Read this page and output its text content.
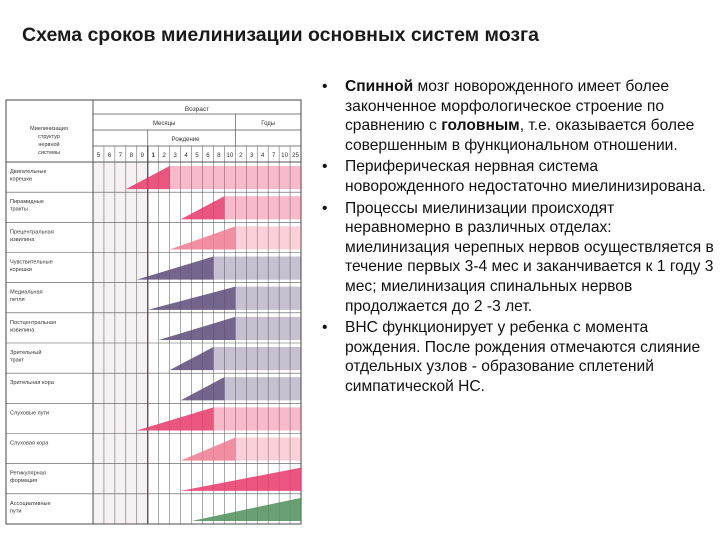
Схема сроков миелинизации основных систем мозга
Возраст
Месяцы	Годы
Рождение
Миелинизация
структур
нервной
системы	5 6 7 8 9 1 2 3 4 5 6 8 10 2 3 4 7 10 25
Двигательные
корешки
Пирамидные
тракты
Прецентральная
извилина
Чувствительные
корешки
Медиальная
петля
Постцентральная
извилина
Зрительный
тракт
Зрительная кора
Слуховые пути
Слуховая кора
Ретикулярная
формация
Ассоциативные
пути
• Спинной мозг новорожденного имеет более законченное морфологическое строение по сравнению с головным, т.е. оказывается более совершенным в функциональном отношении.
• Периферическая нервная система новорожденного недостаточно миелинизирована.
• Процессы миелинизации происходят неравномерно в различных отделах: миелинизация черепных нервов осуществляется в течение первых 3-4 мес и заканчивается к 1 году 3 мес; миелинизация спинальных нервов продолжается до 2 -3 лет.
• ВНС функционирует у ребенка с момента рождения. После рождения отмечаются слияние отдельных узлов - образование сплетений симпатической НС.
